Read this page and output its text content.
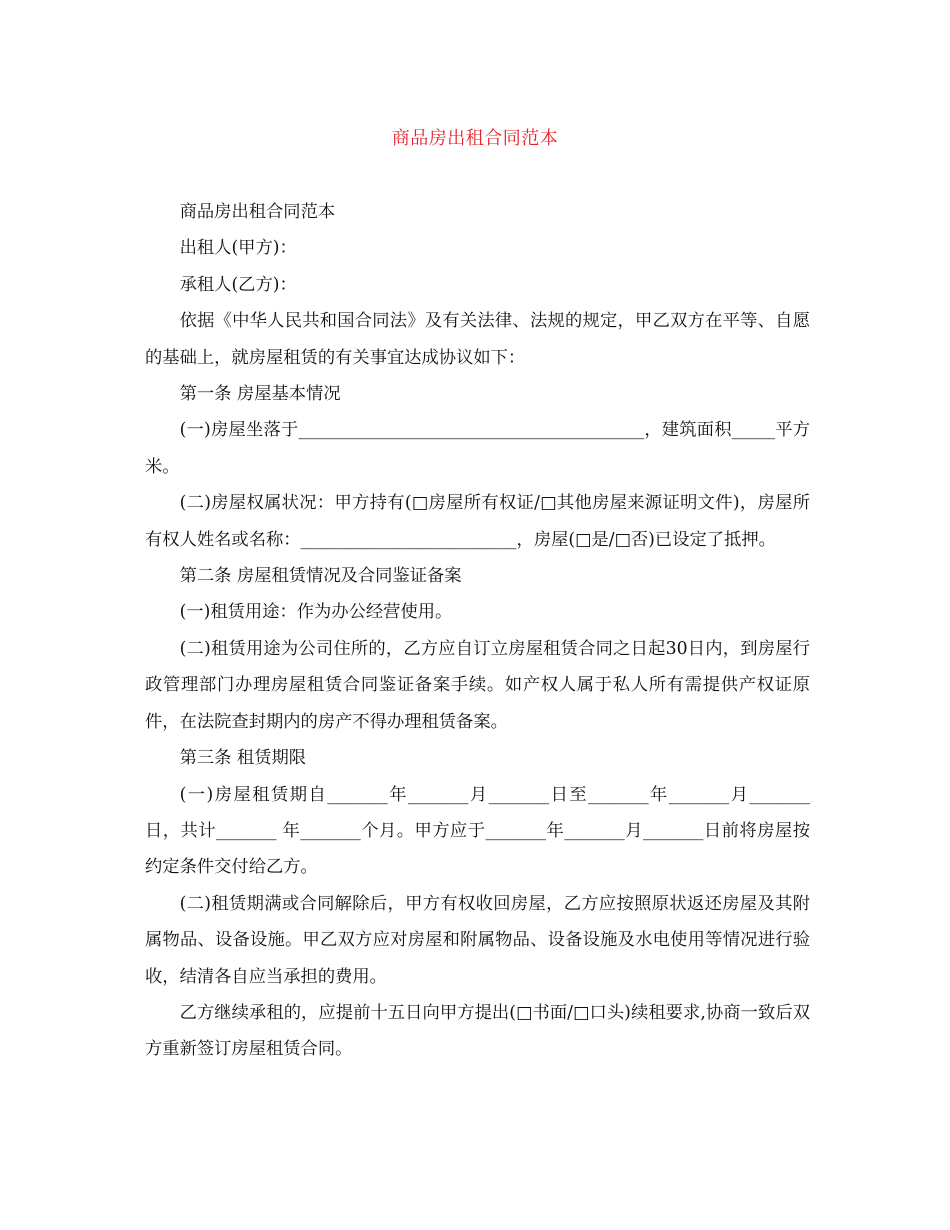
商品房出租合同范本

商品房出租合同范本

出租人(甲方)：

承租人(乙方)：

依据《中华人民共和国合同法》及有关法律、法规的规定，甲乙双方在平等、自愿的基础上，就房屋租赁的有关事宜达成协议如下：

第一条 房屋基本情况

(一)房屋坐落于________________________________________，建筑面积_____平方米。

(二)房屋权属状况：甲方持有(□房屋所有权证/□其他房屋来源证明文件)，房屋所有权人姓名或名称：_________________________，房屋(□是/□否)已设定了抵押。

第二条 房屋租赁情况及合同鉴证备案

(一)租赁用途：作为办公经营使用。

(二)租赁用途为公司住所的，乙方应自订立房屋租赁合同之日起30日内，到房屋行政管理部门办理房屋租赁合同鉴证备案手续。如产权人属于私人所有需提供产权证原件，在法院查封期内的房产不得办理租赁备案。

第三条 租赁期限

(一)房屋租赁期自_______年_______月_______日至_______年_______月_______日，共计_______ 年_______个月。甲方应于_______年_______月_______日前将房屋按约定条件交付给乙方。

(二)租赁期满或合同解除后，甲方有权收回房屋，乙方应按照原状返还房屋及其附属物品、设备设施。甲乙双方应对房屋和附属物品、设备设施及水电使用等情况进行验收，结清各自应当承担的费用。

乙方继续承租的，应提前十五日向甲方提出(□书面/□口头)续租要求,协商一致后双方重新签订房屋租赁合同。
